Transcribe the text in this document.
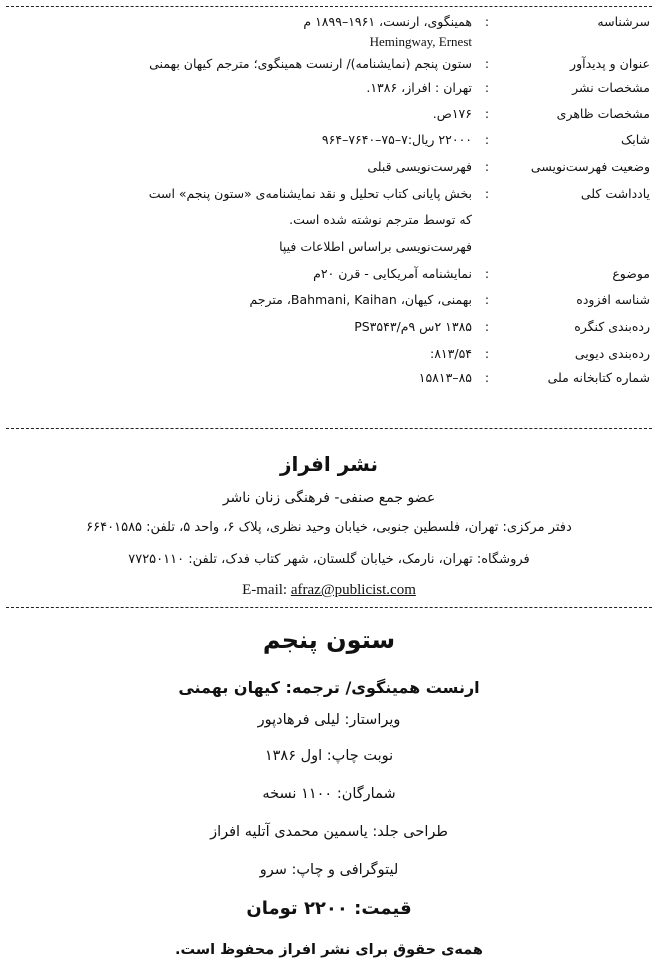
سرشناسه
:
همینگوی، ارنست، ۱۹۶۱–۱۸۹۹ م
Hemingway, Ernest
عنوان و پدیدآور
:
ستون پنجم (نمایشنامه)/ ارنست همینگوی؛ مترجم کیهان بهمنی
مشخصات نشر
:
تهران : افراز، ۱۳۸۶.
مشخصات ظاهری
:
۱۷۶ص.
شابک
:
۲۲۰۰۰ ریال:۷–۷۵–۷۶۴۰–۹۶۴
وضعیت فهرست‌نویسی
:
فهرست‌نویسی قبلی
یادداشت کلی
:
بخش پایانی کتاب تحلیل و نقد نمایشنامه‌ی «ستون پنجم» است
که توسط مترجم نوشته شده است.
فهرست‌نویسی براساس اطلاعات فیپا
موضوع
:
نمایشنامه آمریکایی - قرن ۲۰م
شناسه افزوده
:
بهمنی، کیهان، Bahmani, Kaihan، مترجم
رده‌بندی کنگره
:
۱۳۸۵ ۲س ۹م/PS۳۵۴۳
رده‌بندی دیویی
:
۸۱۳/۵۴:
شماره کتابخانه ملی
:
۸۵–۱۵۸۱۳
نشر افراز
عضو جمع صنفی- فرهنگی زنان ناشر
دفتر مرکزی: تهران، فلسطین جنوبی، خیابان وحید نظری، پلاک ۶، واحد ۵، تلفن: ۶۶۴۰۱۵۸۵
فروشگاه: تهران، نارمک، خیابان گلستان، شهر کتاب فدک، تلفن: ۷۷۲۵۰۱۱۰
E-mail: afraz@publicist.com
ستون پنجم
ارنست همینگوی/ ترجمه: کیهان بهمنی
ویراستار: لیلی فرهادپور
نوبت چاپ: اول ۱۳۸۶
شمارگان: ۱۱۰۰ نسخه
طراحی جلد: یاسمین محمدی آتلیه افراز
لیتوگرافی و چاپ: سرو
قیمت: ۲۲۰۰ تومان
همه‌ی حقوق برای نشر افراز محفوظ است.
